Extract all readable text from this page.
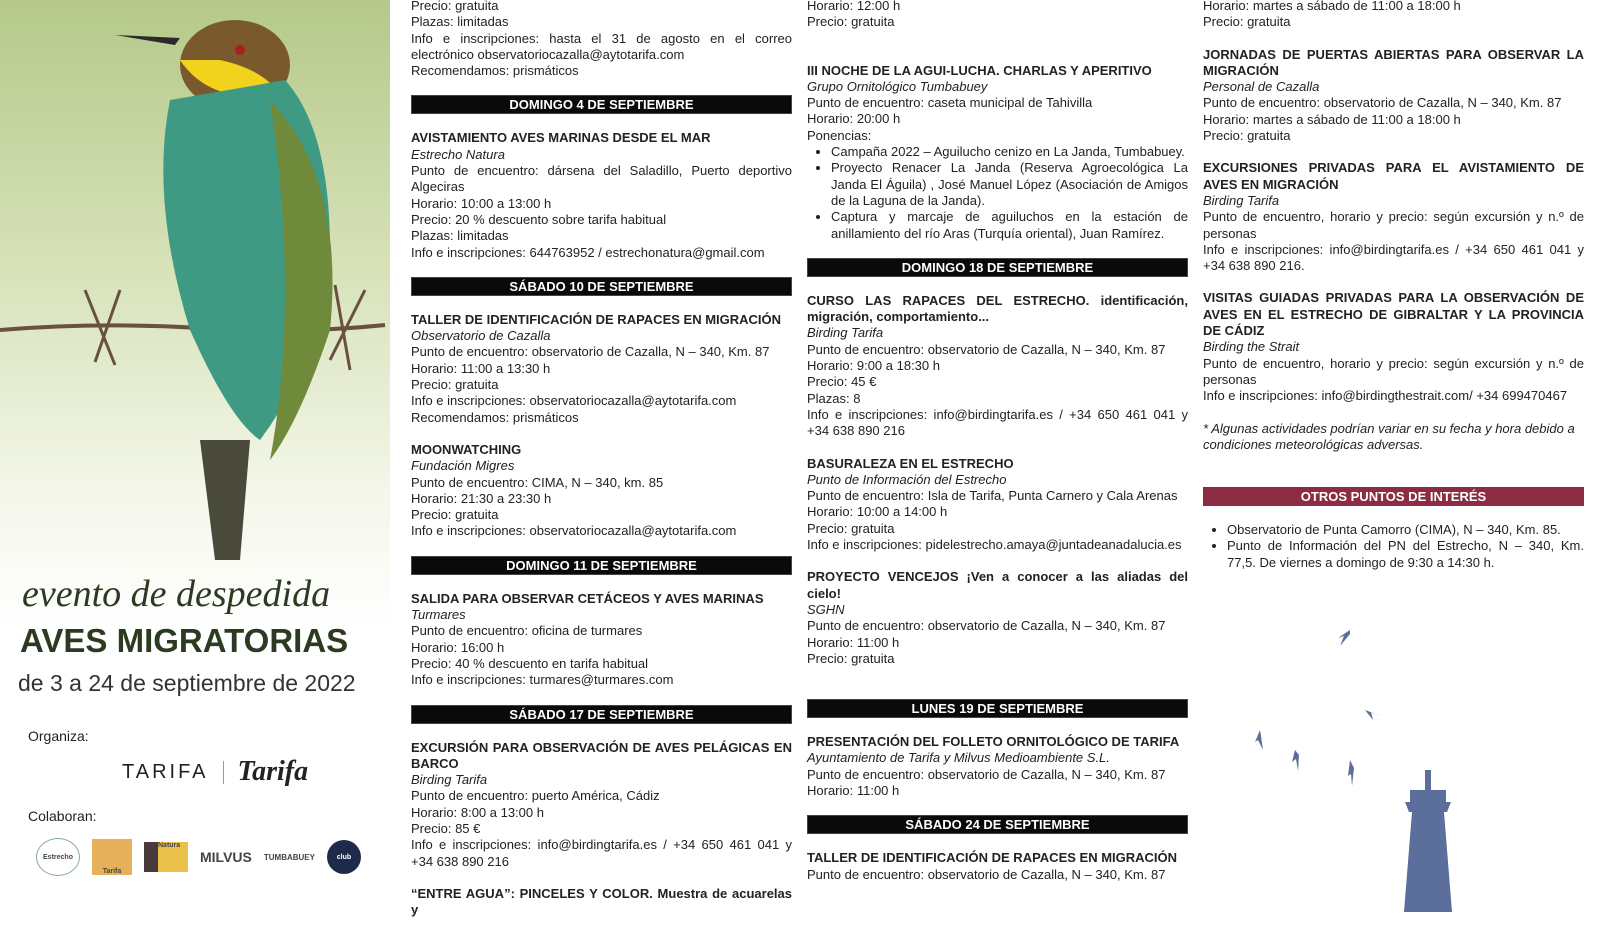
evento de despedida
AVES MIGRATORIAS
de 3 a 24 de septiembre de 2022
Organiza:
TARIFA	Tarifa
Colaboran:
Estrecho
Tarifa
Natura
MILVUS TUMBABUEY	club
Precio: gratuita
Plazas: limitadas
Info e inscripciones: hasta el 31 de agosto en el correo electrónico observatoriocazalla@aytotarifa.com
Recomendamos: prismáticos
DOMINGO 4 DE SEPTIEMBRE
AVISTAMIENTO AVES MARINAS DESDE EL MAR
Estrecho Natura
Punto de encuentro: dársena del Saladillo, Puerto deportivo Algeciras
Horario: 10:00 a 13:00 h
Precio: 20 % descuento sobre tarifa habitual
Plazas: limitadas
Info e inscripciones: 644763952 / estrechonatura@gmail.com
SÁBADO 10 DE SEPTIEMBRE
TALLER DE IDENTIFICACIÓN DE RAPACES EN MIGRACIÓN
Observatorio de Cazalla
Punto de encuentro: observatorio de Cazalla, N – 340, Km. 87
Horario: 11:00 a 13:30 h
Precio: gratuita
Info e inscripciones: observatoriocazalla@aytotarifa.com
Recomendamos: prismáticos
MOONWATCHING
Fundación Migres
Punto de encuentro: CIMA, N – 340, km. 85
Horario: 21:30 a 23:30 h
Precio: gratuita
Info e inscripciones: observatoriocazalla@aytotarifa.com
DOMINGO 11 DE SEPTIEMBRE
SALIDA PARA OBSERVAR CETÁCEOS Y AVES MARINAS
Turmares
Punto de encuentro: oficina de turmares
Horario: 16:00 h
Precio: 40 % descuento en tarifa habitual
Info e inscripciones: turmares@turmares.com
SÁBADO 17 DE SEPTIEMBRE
EXCURSIÓN PARA OBSERVACIÓN DE AVES PELÁGICAS EN BARCO
Birding Tarifa
Punto de encuentro: puerto América, Cádiz
Horario: 8:00 a 13:00 h
Precio: 85 €
Info e inscripciones: info@birdingtarifa.es / +34 650 461 041 y +34 638 890 216
“ENTRE AGUA”: PINCELES Y COLOR. Muestra de acuarelas y
Horario: 12:00 h
Precio: gratuita
III NOCHE DE LA AGUI-LUCHA. CHARLAS Y APERITIVO
Grupo Ornitológico Tumbabuey
Punto de encuentro: caseta municipal de Tahivilla
Horario: 20:00 h
Ponencias:
• Campaña 2022 – Aguilucho cenizo en La Janda, Tumbabuey.
• Proyecto Renacer La Janda (Reserva Agroecológica La Janda El Águila) , José Manuel López (Asociación de Amigos de la Laguna de la Janda).
• Captura y marcaje de aguiluchos en la estación de anillamiento del río Aras (Turquía oriental), Juan Ramírez.
DOMINGO 18 DE SEPTIEMBRE
CURSO LAS RAPACES DEL ESTRECHO. identificación, migración, comportamiento...
Birding Tarifa
Punto de encuentro: observatorio de Cazalla, N – 340, Km. 87
Horario: 9:00 a 18:30 h
Precio: 45 €
Plazas: 8
Info e inscripciones: info@birdingtarifa.es / +34 650 461 041 y +34 638 890 216
BASURALEZA EN EL ESTRECHO
Punto de Información del Estrecho
Punto de encuentro: Isla de Tarifa, Punta Carnero y Cala Arenas
Horario: 10:00 a 14:00 h
Precio: gratuita
Info e inscripciones: pidelestrecho.amaya@juntadeanadalucia.es
PROYECTO VENCEJOS ¡Ven a conocer a las aliadas del cielo!
SGHN
Punto de encuentro: observatorio de Cazalla, N – 340, Km. 87
Horario: 11:00 h
Precio: gratuita
LUNES 19 DE SEPTIEMBRE
PRESENTACIÓN DEL FOLLETO ORNITOLÓGICO DE TARIFA
Ayuntamiento de Tarifa y Milvus Medioambiente S.L.
Punto de encuentro: observatorio de Cazalla, N – 340, Km. 87
Horario: 11:00 h
SÁBADO 24 DE SEPTIEMBRE
TALLER DE IDENTIFICACIÓN DE RAPACES EN MIGRACIÓN
Punto de encuentro: observatorio de Cazalla, N – 340, Km. 87
Horario: martes a sábado de 11:00 a 18:00 h
Precio: gratuita
JORNADAS DE PUERTAS ABIERTAS PARA OBSERVAR LA MIGRACIÓN
Personal de Cazalla
Punto de encuentro: observatorio de Cazalla, N – 340, Km. 87
Horario: martes a sábado de 11:00 a 18:00 h
Precio: gratuita
EXCURSIONES PRIVADAS PARA EL AVISTAMIENTO DE AVES EN MIGRACIÓN
Birding Tarifa
Punto de encuentro, horario y precio: según excursión y n.º de personas
Info e inscripciones: info@birdingtarifa.es / +34 650 461 041 y +34 638 890 216.
VISITAS GUIADAS PRIVADAS PARA LA OBSERVACIÓN DE AVES EN EL ESTRECHO DE GIBRALTAR Y LA PROVINCIA DE CÁDIZ
Birding the Strait
Punto de encuentro, horario y precio: según excursión y n.º de personas
Info e inscripciones: info@birdingthestrait.com/ +34 699470467
* Algunas actividades podrían variar en su fecha y hora debido a condiciones meteorológicas adversas.
OTROS PUNTOS DE INTERÉS
• Observatorio de Punta Camorro (CIMA), N – 340, Km. 85.
• Punto de Información del PN del Estrecho, N – 340, Km. 77,5. De viernes a domingo de 9:30 a 14:30 h.
